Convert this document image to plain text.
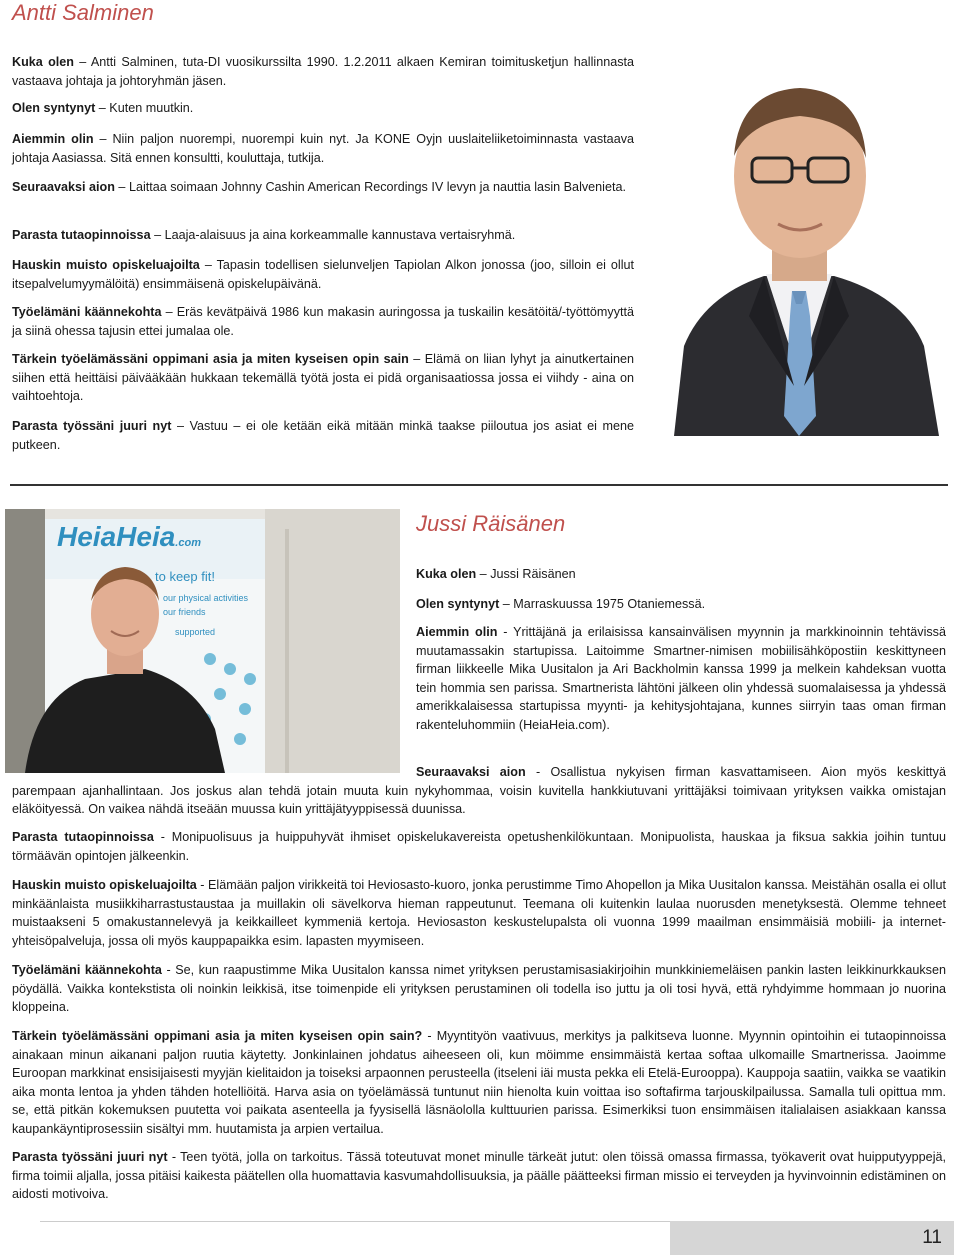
Antti Salminen

Kuka olen – Antti Salminen, tuta-DI vuosikurssilta 1990. 1.2.2011 alkaen Kemiran toimitusketjun hallinnasta vastaava johtaja ja johtoryhmän jäsen.

Olen syntynyt – Kuten muutkin.

Aiemmin olin – Niin paljon nuorempi, nuorempi kuin nyt. Ja KONE Oyjn uuslaiteliiketoiminnasta vastaava johtaja Aasiassa. Sitä ennen konsultti, kouluttaja, tutkija.

Seuraavaksi aion – Laittaa soimaan Johnny Cashin American Recordings IV levyn ja nauttia lasin Balvenieta.

Parasta tutaopinnoissa – Laaja-alaisuus ja aina korkeammalle kannustava vertaisryhmä.

Hauskin muisto opiskeluajoilta – Tapasin todellisen sielunveljen Tapiolan Alkon jonossa (joo, silloin ei ollut itsepalvelumyymälöitä) ensimmäisenä opiskelupäivänä.

Työelämäni käännekohta – Eräs kevätpäivä 1986 kun makasin auringossa ja tuskailin kesätöitä/-työttömyyttä ja siinä ohessa tajusin ettei jumalaa ole.

Tärkein työelämässäni oppimani asia ja miten kyseisen opin sain – Elämä on liian lyhyt ja ainutkertainen siihen että heittäisi päivääkään hukkaan tekemällä työtä josta ei pidä organisaatiossa jossa ei viihdy - aina on vaihtoehtoja.

Parasta työssäni juuri nyt – Vastuu – ei ole ketään eikä mitään minkä taakse piiloutua jos asiat ei mene putkeen.

HeiaHeia.com
to keep fit!
our physical activities
our friends
supported
Jussi Räisänen

Kuka olen – Jussi Räisänen

Olen syntynyt – Marraskuussa 1975 Otaniemessä.

Aiemmin olin - Yrittäjänä ja erilaisissa kansainvälisen myynnin ja markkinoinnin tehtävissä muutamassakin startupissa. Laitoimme Smartner-nimisen mobiilisähköpostiin keskittyneen firman liikkeelle Mika Uusitalon ja Ari Backholmin kanssa 1999 ja melkein kahdeksan vuotta tein hommia sen parissa. Smartnerista lähtöni jälkeen olin yhdessä suomalaisessa ja yhdessä amerikkalaisessa startupissa myynti- ja kehitysjohtajana, kunnes siirryin taas oman firman rakenteluhommiin (HeiaHeia.com).

Seuraavaksi aion - Osallistua nykyisen firman kasvattamiseen. Aion myös keskittyä parempaan ajanhallintaan. Jos joskus alan tehdä jotain muuta kuin nykyhommaa, voisin kuvitella hankkiutuvani yrittäjäksi toimivaan yrityksen vaikka omistajan eläköityessä. On vaikea nähdä itseään muussa kuin yrittäjätyyppisessä duunissa.

Parasta tutaopinnoissa - Monipuolisuus ja huippuhyvät ihmiset opiskelukavereista opetushenkilökuntaan. Monipuolista, hauskaa ja fiksua sakkia joihin tuntuu törmäävän opintojen jälkeenkin.

Hauskin muisto opiskeluajoilta - Elämään paljon virikkeitä toi Heviosasto-kuoro, jonka perustimme Timo Ahopellon ja Mika Uusitalon kanssa. Meistähän osalla ei ollut minkäänlaista musiikkiharrastustaustaa ja muillakin oli sävelkorva hieman rappeutunut. Teemana oli kuitenkin laulaa nuorusden menetyksestä. Olemme tehneet muistaakseni 5 omakustannelevyä ja keikkailleet kymmeniä kertoja. Heviosaston keskustelupalsta oli vuonna 1999 maailman ensimmäisiä mobiili- ja internet-yhteisöpalveluja, jossa oli myös kauppapaikka esim. lapasten myymiseen.

Työelämäni käännekohta - Se, kun raapustimme Mika Uusitalon kanssa nimet yrityksen perustamisasiakirjoihin munkkiniemeläisen pankin lasten leikkinurkkauksen pöydällä. Vaikka kontekstista oli noinkin leikkisä, itse toimenpide eli yrityksen perustaminen oli todella iso juttu ja oli tosi hyvä, että ryhdyimme hommaan jo nuorina kloppeina.

Tärkein työelämässäni oppimani asia ja miten kyseisen opin sain? - Myyntityön vaativuus, merkitys ja palkitseva luonne. Myynnin opintoihin ei tutaopinnoissa ainakaan minun aikanani paljon ruutia käytetty. Jonkinlainen johdatus aiheeseen oli, kun möimme ensimmäistä kertaa softaa ulkomaille Smartnerissa. Jaoimme Euroopan markkinat ensisijaisesti myyjän kielitaidon ja toiseksi arpaonnen perusteella (itseleni iäi musta pekka eli Etelä-Eurooppa). Kauppoja saatiin, vaikka se vaatikin aika monta lentoa ja yhden tähden hotelliöitä. Harva asia on työelämässä tuntunut niin hienolta kuin voittaa iso softafirma tarjouskilpailussa. Samalla tuli opittua mm. se, että pitkän kokemuksen puutetta voi paikata asenteella ja fyysisellä läsnäololla kulttuurien parissa. Esimerkiksi tuon ensimmäisen italialaisen asiakkaan kanssa kaupankäyntiprosessiin sisältyi mm. huutamista ja arpien vertailua.

Parasta työssäni juuri nyt - Teen työtä, jolla on tarkoitus. Tässä toteutuvat monet minulle tärkeät jutut: olen töissä omassa firmassa, työkaverit ovat huipputyyppejä, firma toimii aljalla, jossa pitäisi kaikesta päätellen olla huomattavia kasvumahdollisuuksia, ja päälle päätteeksi firman missio ei terveyden ja hyvinvoinnin edistäminen on aidosti motivoiva.

11
